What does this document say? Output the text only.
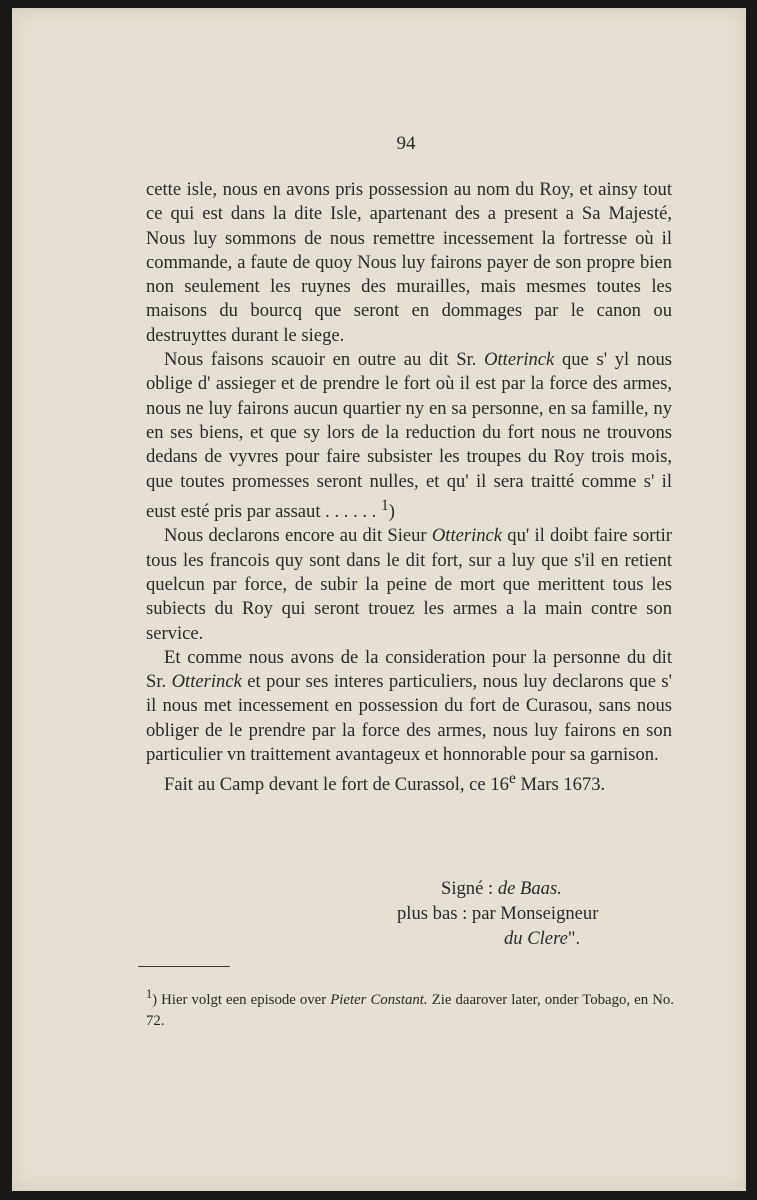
94

cette isle, nous en avons pris possession au nom du Roy, et ainsy tout ce qui est dans la dite Isle, apartenant des a present a Sa Majesté, Nous luy sommons de nous remettre incessement la fortresse où il commande, a faute de quoy Nous luy fairons payer de son propre bien non seulement les ruynes des murailles, mais mesmes toutes les maisons du bourcq que seront en dommages par le canon ou destruyttes durant le siege.

Nous faisons scauoir en outre au dit Sr. Otterinck que s' yl nous oblige d' assieger et de prendre le fort où il est par la force des armes, nous ne luy fairons aucun quartier ny en sa personne, en sa famille, ny en ses biens, et que sy lors de la reduction du fort nous ne trouvons dedans de vyvres pour faire subsister les troupes du Roy trois mois, que toutes promesses seront nulles, et qu' il sera traitté comme s' il eust esté pris par assaut . . . . . . $^1$)

Nous declarons encore au dit Sieur Otterinck qu' il doibt faire sortir tous les francois quy sont dans le dit fort, sur a luy que s'il en retient quelcun par force, de subir la peine de mort que merittent tous les subiects du Roy qui seront trouez les armes a la main contre son service.

Et comme nous avons de la consideration pour la personne du dit Sr. Otterinck et pour ses interes particuliers, nous luy declarons que s' il nous met incessement en possession du fort de Curasou, sans nous obliger de le prendre par la force des armes, nous luy fairons en son particulier vn traittement avantageux et honnorable pour sa garnison.

Fait au Camp devant le fort de Curassol, ce 16e Mars 1673.

Signé : de Baas.
plus bas : par Monseigneur
du Clere".
$^1$) Hier volgt een episode over Pieter Constant. Zie daarover later, onder Tobago, en No. 72.
